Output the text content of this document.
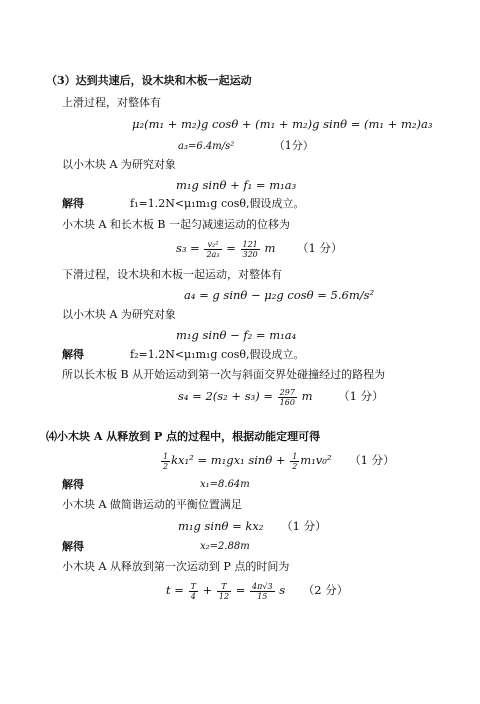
（3）达到共速后，设木块和木板一起运动
上滑过程，对整体有
μ₂(m₁ + m₂)g cosθ + (m₁ + m₂)g sinθ = (m₁ + m₂)a₃
a₃=6.4m/s²	（1分）
以小木块 A 为研究对象
m₁g sinθ + f₁ = m₁a₃
解得	f₁=1.2N<μ₁m₁g cosθ,假设成立。
小木块 A 和长木板 B 一起匀减速运动的位移为
$s_3 = \frac{\text{v₂²}}{\text{2a₃}} = \frac{121}{320}$ m （1 分）
下滑过程，设木块和木板一起运动，对整体有
a₄ = g sinθ − μ₂g cosθ = 5.6m/s²
以小木块 A 为研究对象
m₁g sinθ − f₂ = m₁a₄
解得	f₂=1.2N<μ₁m₁g cosθ,假设成立。
所以长木板 B 从开始运动到第一次与斜面交界处碰撞经过的路程为
$s_4 = 2(s_2 + s_3) = \frac{297}{160}$ m （1 分）
⑷小木块 A 从释放到 P 点的过程中，根据动能定理可得
$\frac{1}{2} kx_1^2 = m_1gx_1$ $\sin\theta + \frac{1}{2} m_1v_0^2$ （1 分）
解得	x₁=8.64m
小木块 A 做简谐运动的平衡位置满足
m₁g sinθ = kx₂ （1 分）
解得	x₂=2.88m
小木块 A 从释放到第一次运动到 P 点的时间为
$t = \frac{T}{4} + \frac{T}{12} = \frac{4\pi√3}{15}$ s （2 分）
